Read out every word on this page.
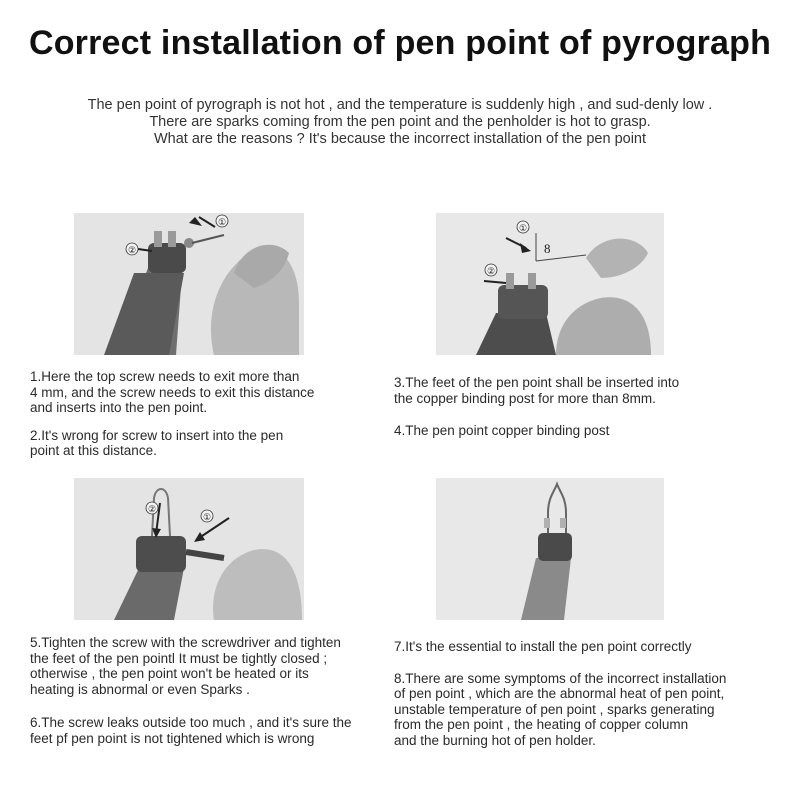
Correct installation of pen point of pyrograph
The pen point of pyrograph is not hot , and the temperature is suddenly high , and sud-denly low .
There are sparks coming from the pen point and the penholder is hot to grasp.
What are the reasons ? It's because the incorrect installation of the pen point
①
②	8
①
②
②
①

1.Here the top screw needs to exit more than

4 mm, and the screw needs to exit this distance

and inserts into the pen point.

2.It's wrong for screw to insert into the pen

point at this distance.

3.The feet of the pen point shall be inserted into

the copper binding post for more than 8mm.

4.The pen point copper binding post

5.Tighten the screw with the screwdriver and tighten

the feet of the pen pointl It must be tightly closed ;

otherwise , the pen point won't be heated or its

heating is abnormal or even Sparks .

6.The screw leaks outside too much , and it's sure the

feet pf pen point is not tightened which is wrong

7.It's the essential to install the pen point correctly

8.There are some symptoms of the incorrect installation

of pen point , which are the abnormal heat of pen point,

unstable temperature of pen point , sparks generating

from the pen point , the heating of copper column

and the burning hot of pen holder.
